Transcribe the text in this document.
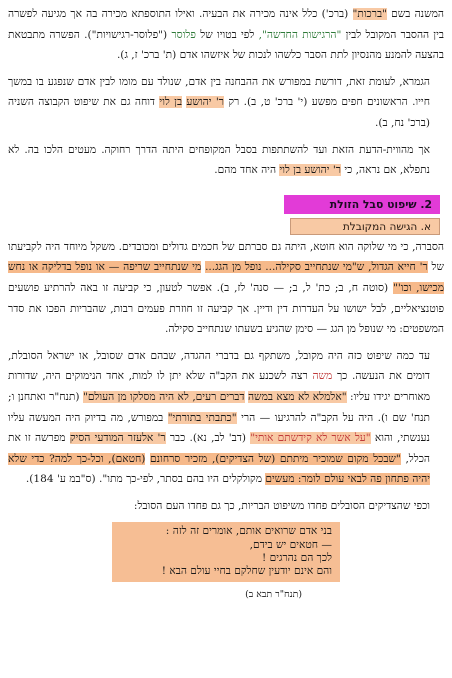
המשנה בשם "ברכות" (ברכ') כלל אינה מכירה את הבעיה. ואילו התוספתא מכירה בה אך מגיעה לפשרה בין ההסבר המקובל לבין "הרגישות החדשה", לפי בטויו של פלוסר ("פלוסר-רגישויות"). הפשרה מתבטאת בהצעה להמנע מהנסיון לתת הסבר כלשהו לנכות של איזשהו אדם (ת' ברכ' ז, ג).

הגמרא, לעומת זאת, דורשת במפורש את ההבחנה בין אדם, שנולד עם מומו לבין אדם שנפגע בו במשך חייו. הראשונים חפים מפשע (י' ברכ' ט, ב). רק ר' יהושע בן לוי דוחה גם את שיפוט הקבוצה השניה (ברכ' נח, ב).

אך מהווית-הדעת הזאת ועד להשתתפות בסבל המקופחים היתה הדרך רחוקה. מעטים הלכו בה. לא נתפלא, אם נראה, כי ר' יהושע בן לוי היה אחד מהם.

2. שיפוט סבל הזולת
א. הגישה המקובלת

הסברה, כי מי שלוקה הוא חוטא, היתה גם סברתם של חכמים גדולים ומכובדים. משקל מיוחד היה לקביעתו של ר' חייא הגדול, ש"מי שנתחייב סקילה... נופל מן הגג... מי שנתחייב שריפה — או נופל בדליקה או נחש מכישו, וכו'" (סוטה ח, ב; כת' ל, ב; — סנה' לז, ב). אפשר לטעון, כי קביעה זו באה להרתיע פושעים פוטנציאליים, לבל ישושו על העדרות דין ודיין. אך קביעה זו חוזרת פעמים רבות, שהבריות הפכו את סדר המשפטים: מי שנופל מן הגג — סימן שהגיע בשעתו שנתחייב סקילה.

עד כמה שיפוט כזה היה מקובל, משתקף גם בדברי ההגדה, שבהם אדם שסובל, או ישראל הסובלת, דומים את הנעשה. כך משה רצה לשכנע את הקב"ה שלא יתן לו למות, אחד הנימוקים היה, שדורות מאוחרים יגידו עליו: "אלמלא לא מצא במשה דברים רעים, לא היה מסלקו מן העולם" (תנח"ר ואתחנן ו; תנח' שם ו). היה על הקב"ה להרגיעו — הרי "כתבתי בתורתי" במפורש, מה בדיוק היה המעשה עליו נענשתי, והוא "על אשר לא קידשתם אותי" (דב' לב, נא). כבר ר' אלעזר המודעי הסיק מפרשה זו את הכלל, "שבכל מקום שמוכיר מיתתם (של הצדיקים), מזכיר סרחונם (חטאם), וכל-כך למה? כדי שלא יהיה פתחון פה לבאי עולם לומר: מעשים מקולקלים היו בהם בסתר, לפי-כך מתו". (ס"במ ע' 184).

וכפי שהצדיקים הסובלים פחדו משיפוט הבריות, כך גם פחדו העם הסובל:

בני אדם שרואים אותם, אומרים זה לזה :
— חטאים יש בידם,
לכך הם נהרגים !
והם אינם יודעין שחלקם בחיי עולם הבא !
(תנח"ר תבא ב)
